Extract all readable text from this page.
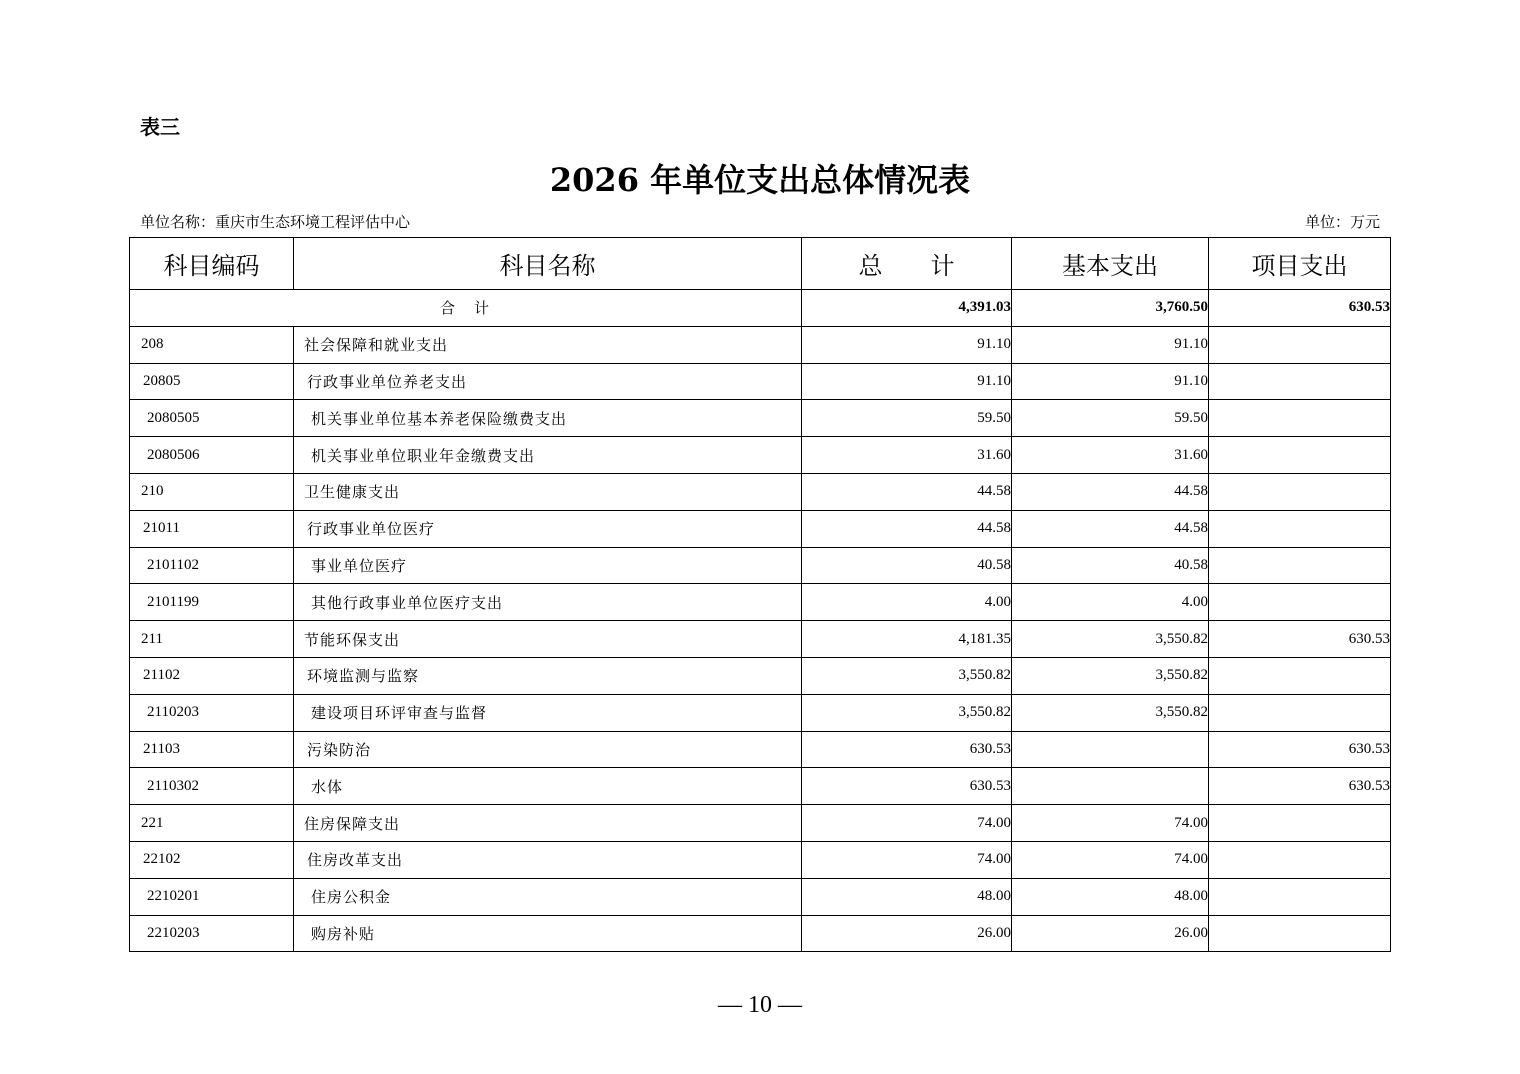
表三
2026 年单位支出总体情况表
单位名称：重庆市生态环境工程评估中心	单位：万元
科目编码	科目名称	总　　计	基本支出	项目支出
合　计		4,391.03	3,760.50	630.53
208	社会保障和就业支出	91.10	91.10	
20805	行政事业单位养老支出	91.10	91.10	
2080505	机关事业单位基本养老保险缴费支出	59.50	59.50	
2080506	机关事业单位职业年金缴费支出	31.60	31.60	
210	卫生健康支出	44.58	44.58	
21011	行政事业单位医疗	44.58	44.58	
2101102	事业单位医疗	40.58	40.58	
2101199	其他行政事业单位医疗支出	4.00	4.00	
211	节能环保支出	4,181.35	3,550.82	630.53
21102	环境监测与监察	3,550.82	3,550.82	
2110203	建设项目环评审查与监督	3,550.82	3,550.82	
21103	污染防治	630.53		630.53
2110302	水体	630.53		630.53
221	住房保障支出	74.00	74.00	
22102	住房改革支出	74.00	74.00	
2210201	住房公积金	48.00	48.00	
2210203	购房补贴	26.00	26.00	
— 10 —
